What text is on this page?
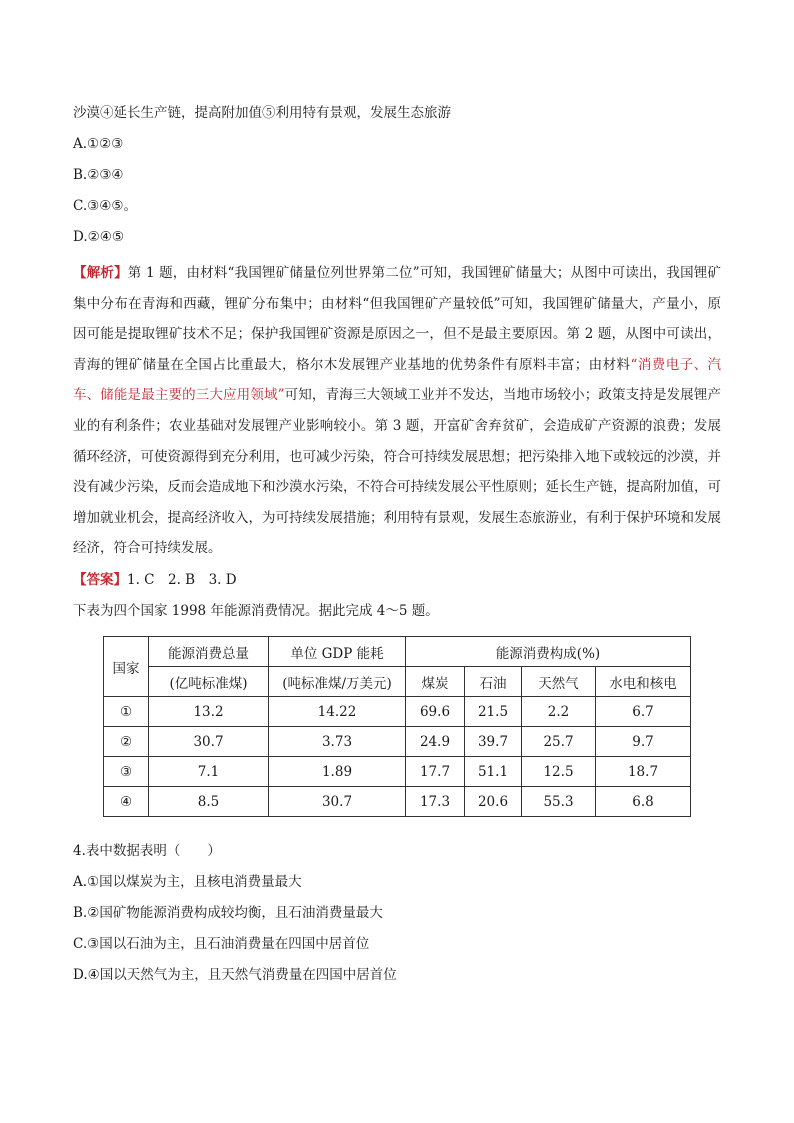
沙漠④延长生产链，提高附加值⑤利用特有景观，发展生态旅游
A.①②③
B.②③④
C.③④⑤。
D.②④⑤
【解析】第 1 题，由材料“我国锂矿储量位列世界第二位”可知，我国锂矿储量大；从图中可读出，我国锂矿集中分布在青海和西藏，锂矿分布集中；由材料“但我国锂矿产量较低”可知，我国锂矿储量大，产量小，原因可能是提取锂矿技术不足；保护我国锂矿资源是原因之一，但不是最主要原因。第 2 题，从图中可读出，青海的锂矿储量在全国占比重最大，格尔木发展锂产业基地的优势条件有原料丰富；由材料“消费电子、汽车、储能是最主要的三大应用领域”可知，青海三大领域工业并不发达，当地市场较小；政策支持是发展锂产业的有利条件；农业基础对发展锂产业影响较小。第 3 题，开富矿舍弃贫矿，会造成矿产资源的浪费；发展循环经济，可使资源得到充分利用，也可减少污染，符合可持续发展思想；把污染排入地下或较远的沙漠，并没有减少污染，反而会造成地下和沙漠水污染，不符合可持续发展公平性原则；延长生产链，提高附加值，可增加就业机会，提高经济收入，为可持续发展措施；利用特有景观，发展生态旅游业，有利于保护环境和发展经济，符合可持续发展。
【答案】1. C　2. B　3. D
下表为四个国家 1998 年能源消费情况。据此完成 4～5 题。
国家	能源消费总量	单位 GDP 能耗	能源消费构成(%)			
	(亿吨标准煤)	(吨标准煤/万美元)	煤炭	石油	天然气	水电和核电
①	13.2	14.22	69.6	21.5	2.2	6.7
②	30.7	3.73	24.9	39.7	25.7	9.7
③	7.1	1.89	17.7	51.1	12.5	18.7
④	8.5	30.7	17.3	20.6	55.3	6.8
4.表中数据表明（　　）
A.①国以煤炭为主，且核电消费量最大
B.②国矿物能源消费构成较均衡，且石油消费量最大
C.③国以石油为主，且石油消费量在四国中居首位
D.④国以天然气为主，且天然气消费量在四国中居首位
